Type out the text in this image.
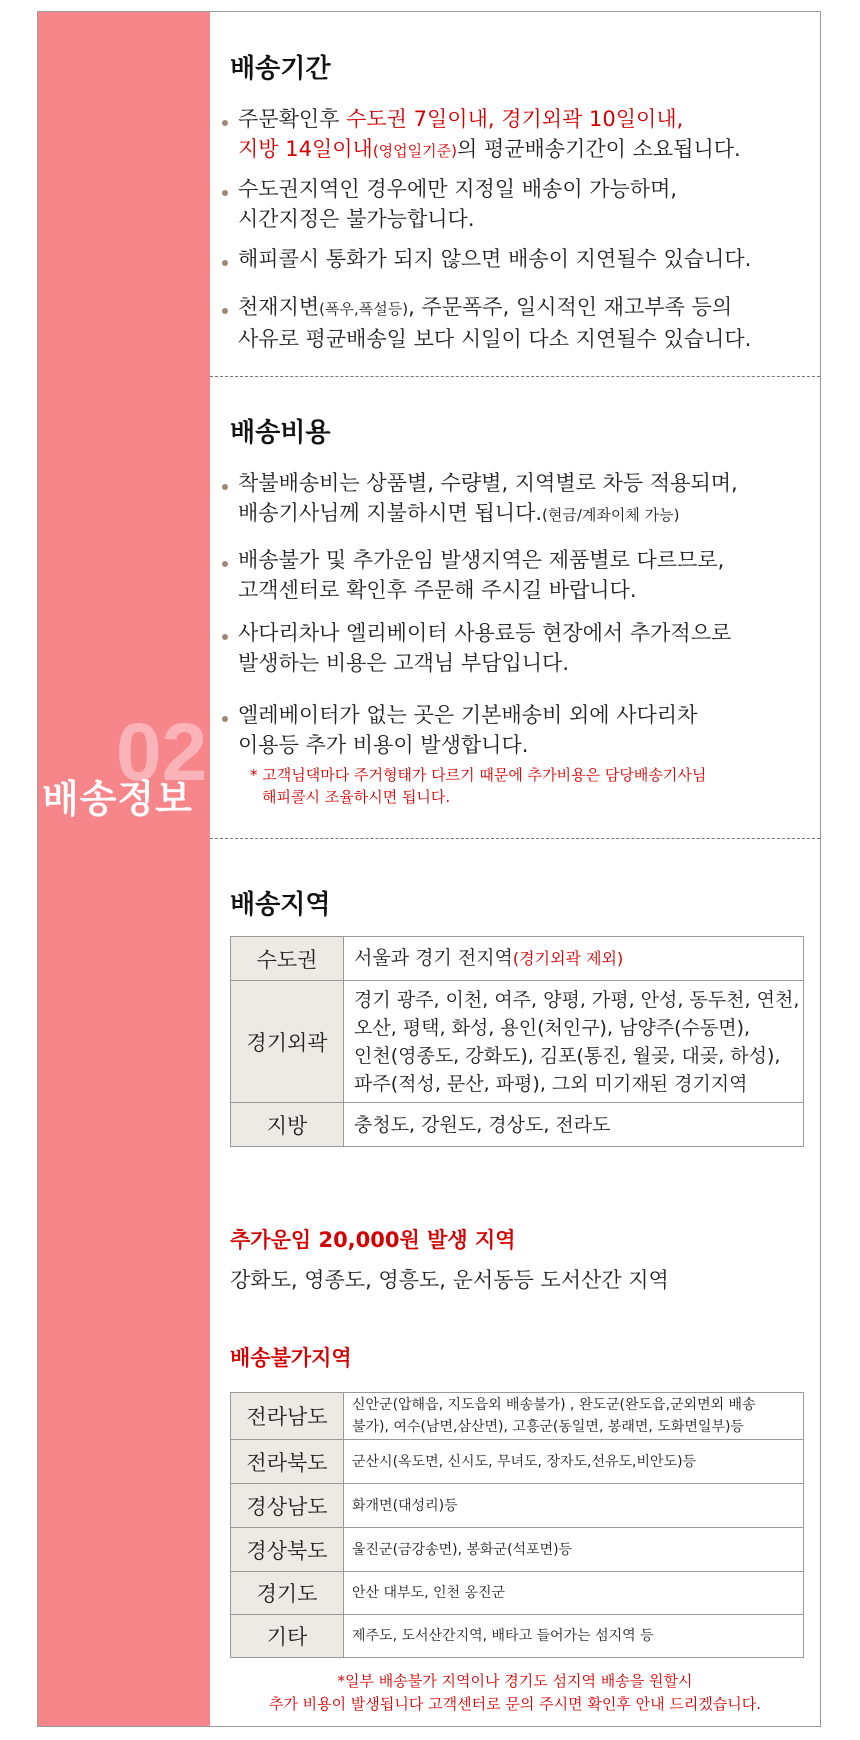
02
배송정보
배송기간
주문확인후 수도권 7일이내, 경기외곽 10일이내,
지방 14일이내(영업일기준)의 평균배송기간이 소요됩니다.
수도권지역인 경우에만 지정일 배송이 가능하며,
시간지정은 불가능합니다.
해피콜시 통화가 되지 않으면 배송이 지연될수 있습니다.
천재지변(폭우,폭설등), 주문폭주, 일시적인 재고부족 등의
사유로 평균배송일 보다 시일이 다소 지연될수 있습니다.
배송비용
착불배송비는 상품별, 수량별, 지역별로 차등 적용되며,
배송기사님께 지불하시면 됩니다.(현금/계좌이체 가능)
배송불가 및 추가운임 발생지역은 제품별로 다르므로,
고객센터로 확인후 주문해 주시길 바랍니다.
사다리차나 엘리베이터 사용료등 현장에서 추가적으로
발생하는 비용은 고객님 부담입니다.
엘레베이터가 없는 곳은 기본배송비 외에 사다리차
이용등 추가 비용이 발생합니다.
* 고객님댁마다 주거형태가 다르기 때문에 추가비용은 담당배송기사님
해피콜시 조율하시면 됩니다.
배송지역
수도권	서울과 경기 전지역(경기외곽 제외)
경기외곽	경기 광주, 이천, 여주, 양평, 가평, 안성, 동두천, 연천,
오산, 평택, 화성, 용인(처인구), 남양주(수동면),
인천(영종도, 강화도), 김포(통진, 월곶, 대곶, 하성),
파주(적성, 문산, 파평), 그외 미기재된 경기지역

지방	충청도, 강원도, 경상도, 전라도
추가운임 20,000원 발생 지역
강화도, 영종도, 영흥도, 운서동등 도서산간 지역
배송불가지역
전라남도	신안군(압해읍, 지도읍외 배송불가) , 완도군(완도읍,군외면외 배송
불가), 여수(남면,삼산면), 고흥군(동일면, 봉래면, 도화면일부)등

전라북도	군산시(옥도면, 신시도, 무녀도, 장자도,선유도,비안도)등
경상남도	화개면(대성리)등
경상북도	울진군(금강송면), 봉화군(석포면)등
경기도	안산 대부도, 인천 옹진군
기타	제주도, 도서산간지역, 배타고 들어가는 섬지역 등
*일부 배송불가 지역이나 경기도 섬지역 배송을 원할시
추가 비용이 발생됩니다 고객센터로 문의 주시면 확인후 안내 드리겠습니다.
